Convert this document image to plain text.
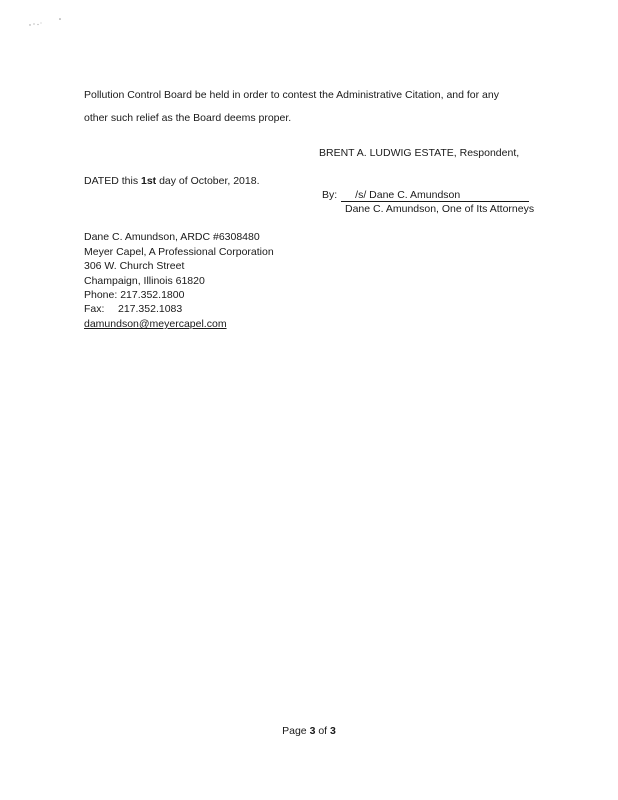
Pollution Control Board be held in order to contest the Administrative Citation, and for any
other such relief as the Board deems proper.
BRENT A. LUDWIG ESTATE, Respondent,
DATED this 1st day of October, 2018.
By: /s/ Dane C. Amundson
Dane C. Amundson, One of Its Attorneys
Dane C. Amundson, ARDC #6308480
Meyer Capel, A Professional Corporation
306 W. Church Street
Champaign, Illinois 61820
Phone: 217.352.1800
Fax: 217.352.1083
damundson@meyercapel.com
Page 3 of 3
